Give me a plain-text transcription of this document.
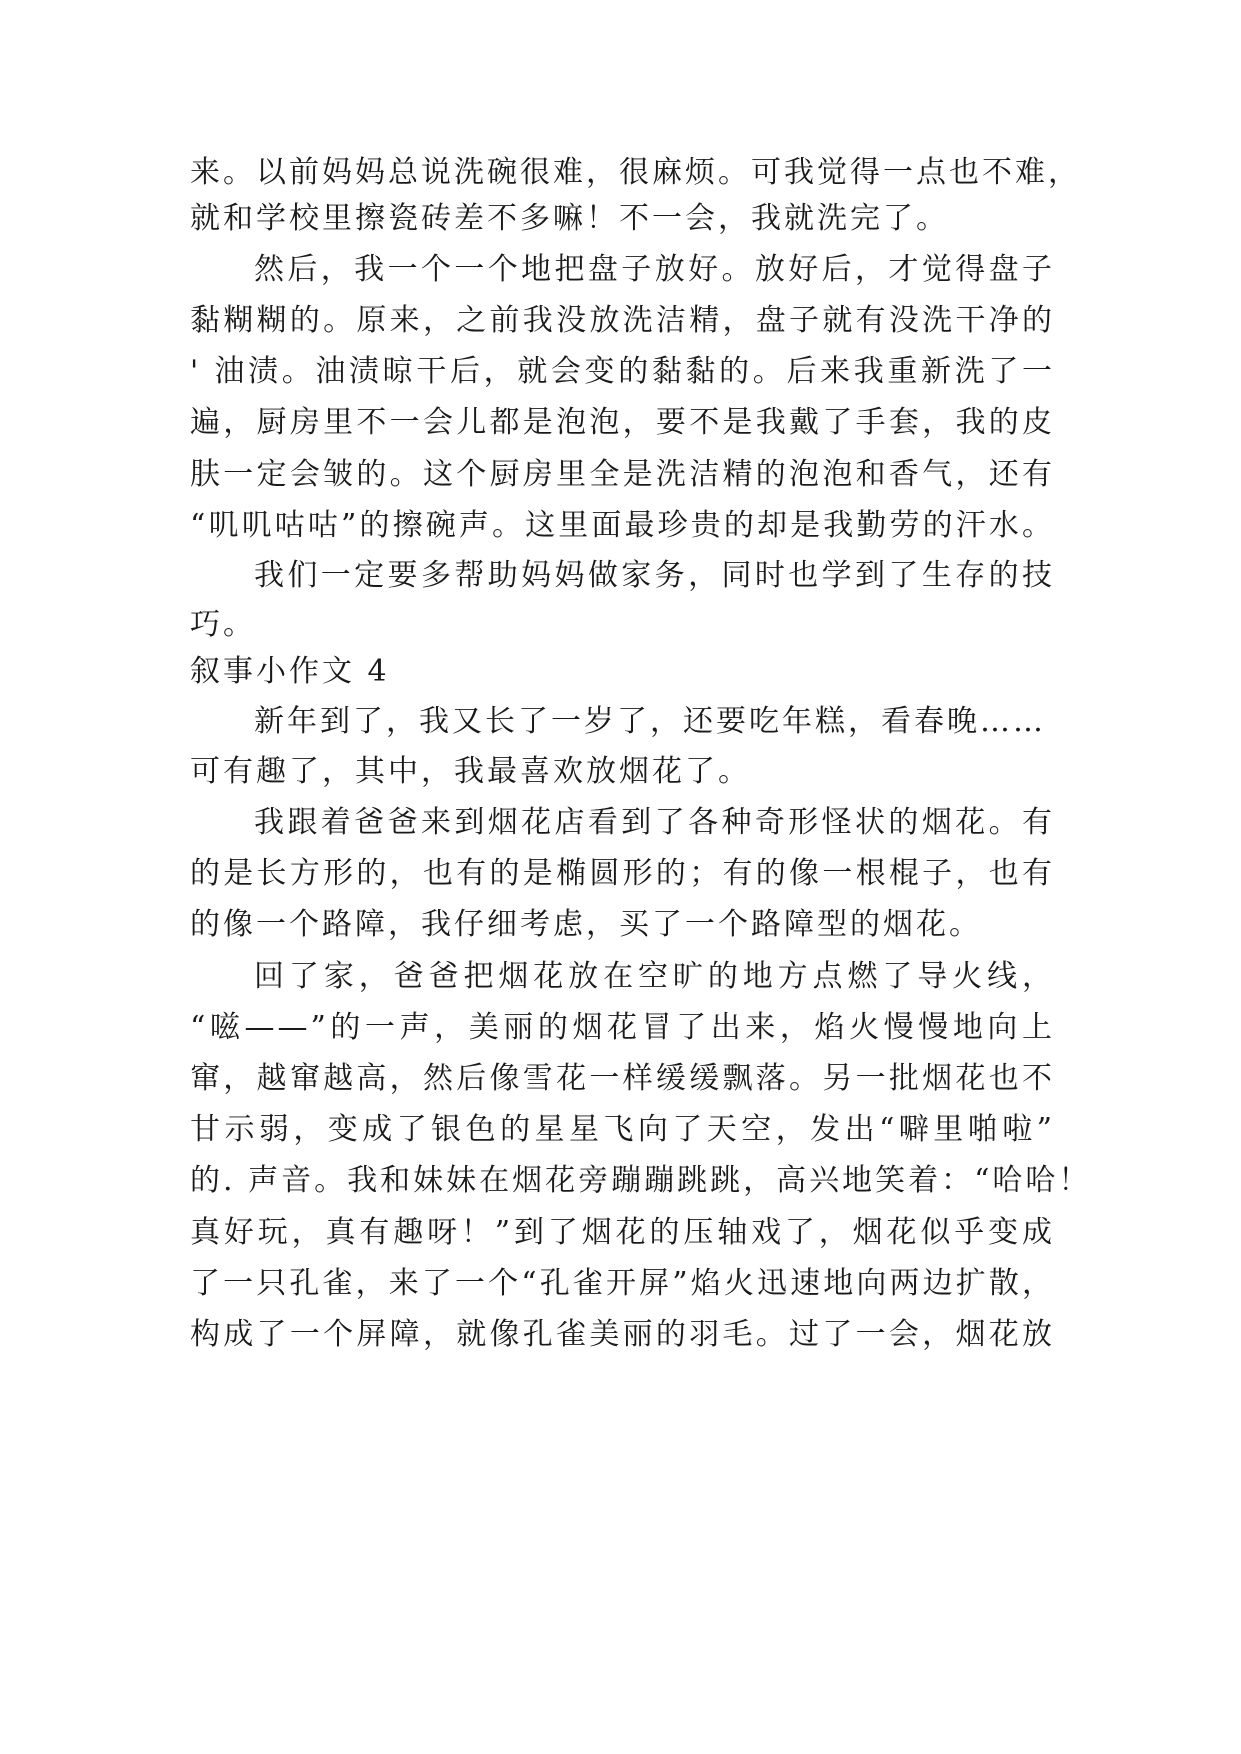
来。以前妈妈总说洗碗很难，很麻烦。可我觉得一点也不难，
就和学校里擦瓷砖差不多嘛！不一会，我就洗完了。
然后，我一个一个地把盘子放好。放好后，才觉得盘子
黏糊糊的。原来，之前我没放洗洁精，盘子就有没洗干净的
' 油渍。油渍晾干后，就会变的黏黏的。后来我重新洗了一
遍，厨房里不一会儿都是泡泡，要不是我戴了手套，我的皮
肤一定会皱的。这个厨房里全是洗洁精的泡泡和香气，还有
“叽叽咕咕”的擦碗声。这里面最珍贵的却是我勤劳的汗水。
我们一定要多帮助妈妈做家务，同时也学到了生存的技
巧。
叙事小作文 4
新年到了，我又长了一岁了，还要吃年糕，看春晚……
可有趣了，其中，我最喜欢放烟花了。
我跟着爸爸来到烟花店看到了各种奇形怪状的烟花。有
的是长方形的，也有的是椭圆形的；有的像一根棍子，也有
的像一个路障，我仔细考虑，买了一个路障型的烟花。
回了家，爸爸把烟花放在空旷的地方点燃了导火线，
“嗞——”的一声，美丽的烟花冒了出来，焰火慢慢地向上
窜，越窜越高，然后像雪花一样缓缓飘落。另一批烟花也不
甘示弱，变成了银色的星星飞向了天空，发出“噼里啪啦”
的. 声音。我和妹妹在烟花旁蹦蹦跳跳，高兴地笑着：“哈哈！
真好玩，真有趣呀！”到了烟花的压轴戏了，烟花似乎变成
了一只孔雀，来了一个“孔雀开屏”焰火迅速地向两边扩散，
构成了一个屏障，就像孔雀美丽的羽毛。过了一会，烟花放
